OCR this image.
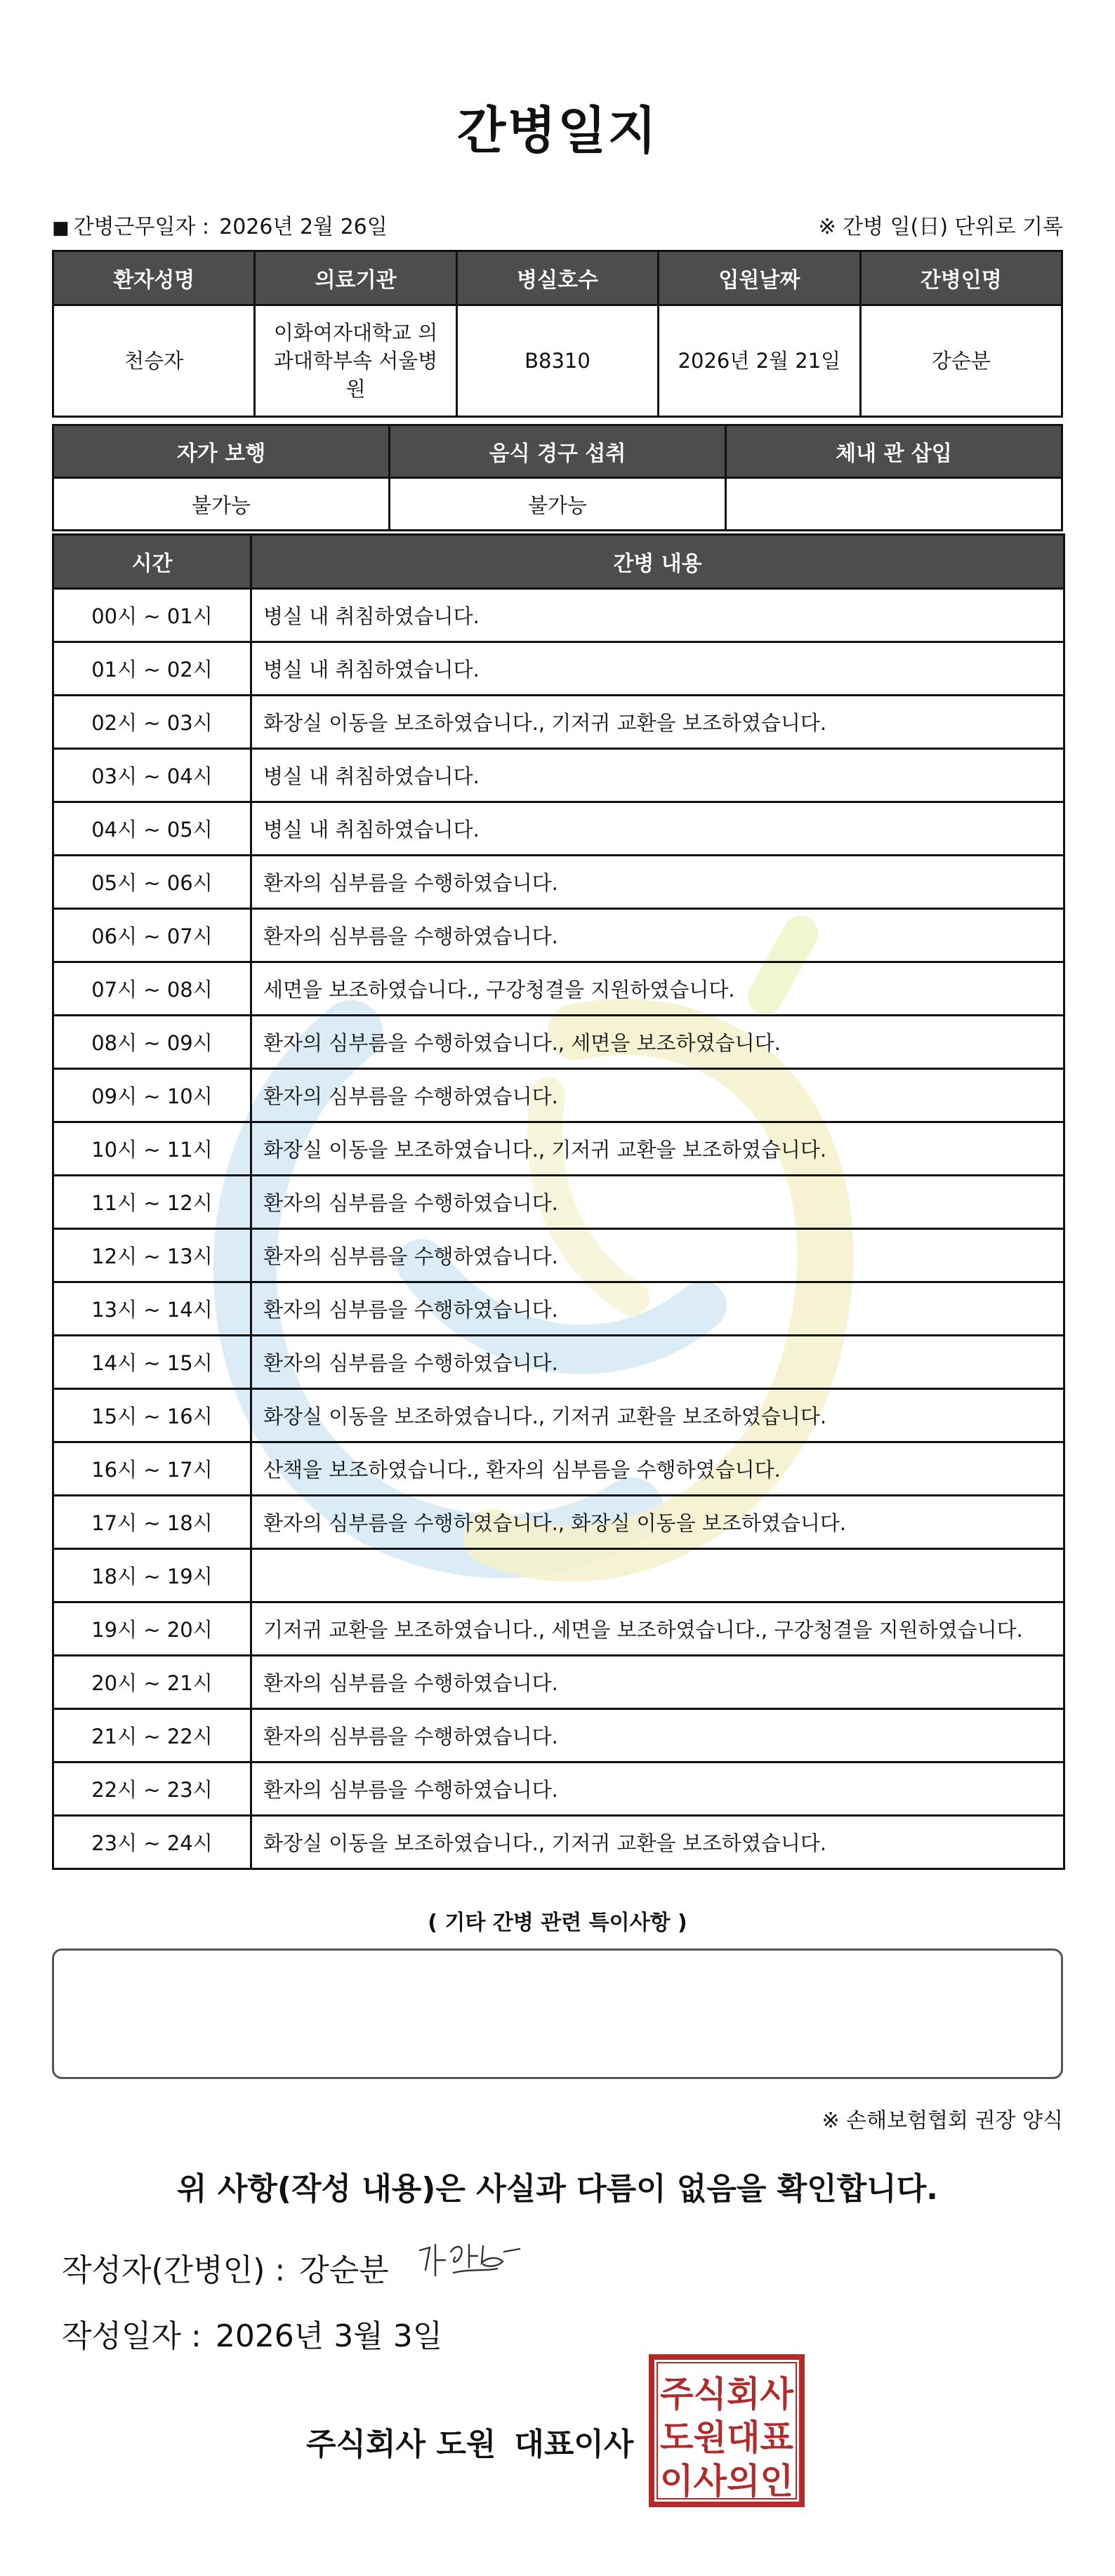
간병일지
■ 간병근무일자 : 2026년 2월 26일	※ 간병 일(日) 단위로 기록
환자성명	의료기관	병실호수	입원날짜	간병인명
천승자	이화여자대학교 의과대학부속 서울병원	B8310	2026년 2월 21일	강순분
자가 보행	음식 경구 섭취	체내 관 삽입
불가능	불가능	
시간	간병 내용
00시 ~ 01시	병실 내 취침하였습니다.
01시 ~ 02시	병실 내 취침하였습니다.
02시 ~ 03시	화장실 이동을 보조하였습니다., 기저귀 교환을 보조하였습니다.
03시 ~ 04시	병실 내 취침하였습니다.
04시 ~ 05시	병실 내 취침하였습니다.
05시 ~ 06시	환자의 심부름을 수행하였습니다.
06시 ~ 07시	환자의 심부름을 수행하였습니다.
07시 ~ 08시	세면을 보조하였습니다., 구강청결을 지원하였습니다.
08시 ~ 09시	환자의 심부름을 수행하였습니다., 세면을 보조하였습니다.
09시 ~ 10시	환자의 심부름을 수행하였습니다.
10시 ~ 11시	화장실 이동을 보조하였습니다., 기저귀 교환을 보조하였습니다.
11시 ~ 12시	환자의 심부름을 수행하였습니다.
12시 ~ 13시	환자의 심부름을 수행하였습니다.
13시 ~ 14시	환자의 심부름을 수행하였습니다.
14시 ~ 15시	환자의 심부름을 수행하였습니다.
15시 ~ 16시	화장실 이동을 보조하였습니다., 기저귀 교환을 보조하였습니다.
16시 ~ 17시	산책을 보조하였습니다., 환자의 심부름을 수행하였습니다.
17시 ~ 18시	환자의 심부름을 수행하였습니다., 화장실 이동을 보조하였습니다.
18시 ~ 19시	
19시 ~ 20시	기저귀 교환을 보조하였습니다., 세면을 보조하였습니다., 구강청결을 지원하였습니다.
20시 ~ 21시	환자의 심부름을 수행하였습니다.
21시 ~ 22시	환자의 심부름을 수행하였습니다.
22시 ~ 23시	환자의 심부름을 수행하였습니다.
23시 ~ 24시	화장실 이동을 보조하였습니다., 기저귀 교환을 보조하였습니다.
( 기타 간병 관련 특이사항 )
※ 손해보험협회 권장 양식
위 사항(작성 내용)은 사실과 다름이 없음을 확인합니다.
작성자(간병인) : 강순분
작성일자 : 2026년 3월 3일
주식회사 도원 대표이사
주식회사
도원대표
이사의인
